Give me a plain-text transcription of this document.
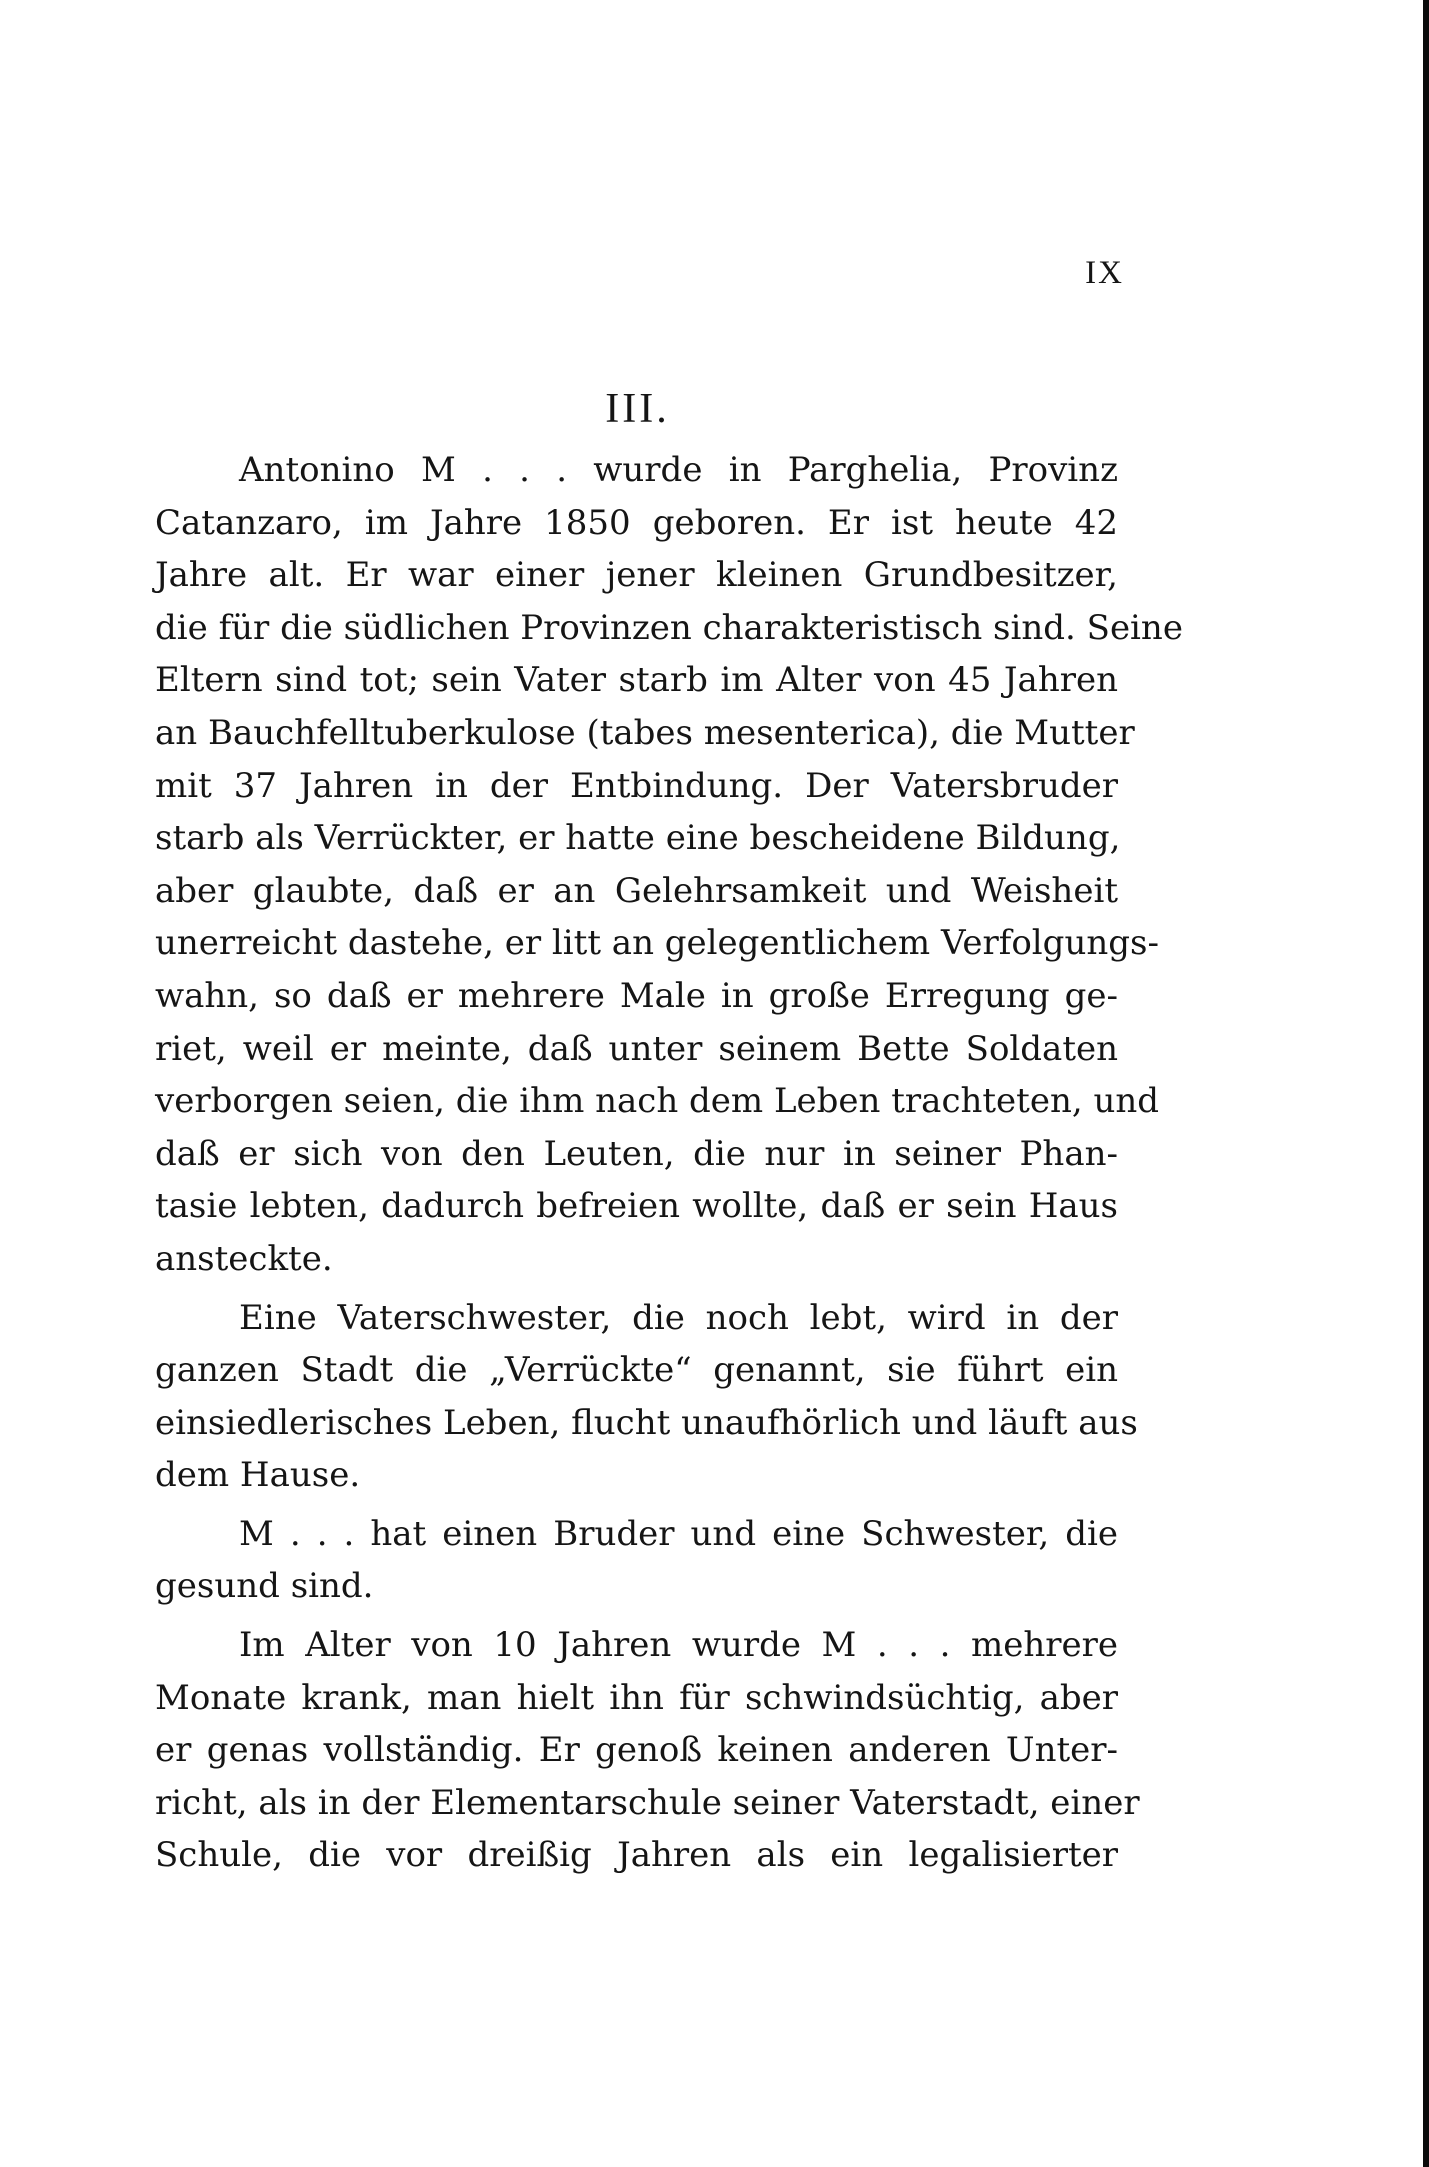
IX
III.
Antonino M . . . wurde in Parghelia, Provinz
Catanzaro, im Jahre 1850 geboren. Er ist heute 42
Jahre alt. Er war einer jener kleinen Grundbesitzer,
die für die südlichen Provinzen charakteristisch sind. Seine
Eltern sind tot; sein Vater starb im Alter von 45 Jahren
an Bauchfelltuberkulose (tabes mesenterica), die Mutter
mit 37 Jahren in der Entbindung. Der Vatersbruder
starb als Verrückter, er hatte eine bescheidene Bildung,
aber glaubte, daß er an Gelehrsamkeit und Weisheit
unerreicht dastehe, er litt an gelegentlichem Verfolgungs-
wahn, so daß er mehrere Male in große Erregung ge-
riet, weil er meinte, daß unter seinem Bette Soldaten
verborgen seien, die ihm nach dem Leben trachteten, und
daß er sich von den Leuten, die nur in seiner Phan-
tasie lebten, dadurch befreien wollte, daß er sein Haus
ansteckte.
Eine Vaterschwester, die noch lebt, wird in der
ganzen Stadt die „Verrückte“ genannt, sie führt ein
einsiedlerisches Leben, flucht unaufhörlich und läuft aus
dem Hause.
M . . . hat einen Bruder und eine Schwester, die
gesund sind.
Im Alter von 10 Jahren wurde M . . . mehrere
Monate krank, man hielt ihn für schwindsüchtig, aber
er genas vollständig. Er genoß keinen anderen Unter-
richt, als in der Elementarschule seiner Vaterstadt, einer
Schule, die vor dreißig Jahren als ein legalisierter
